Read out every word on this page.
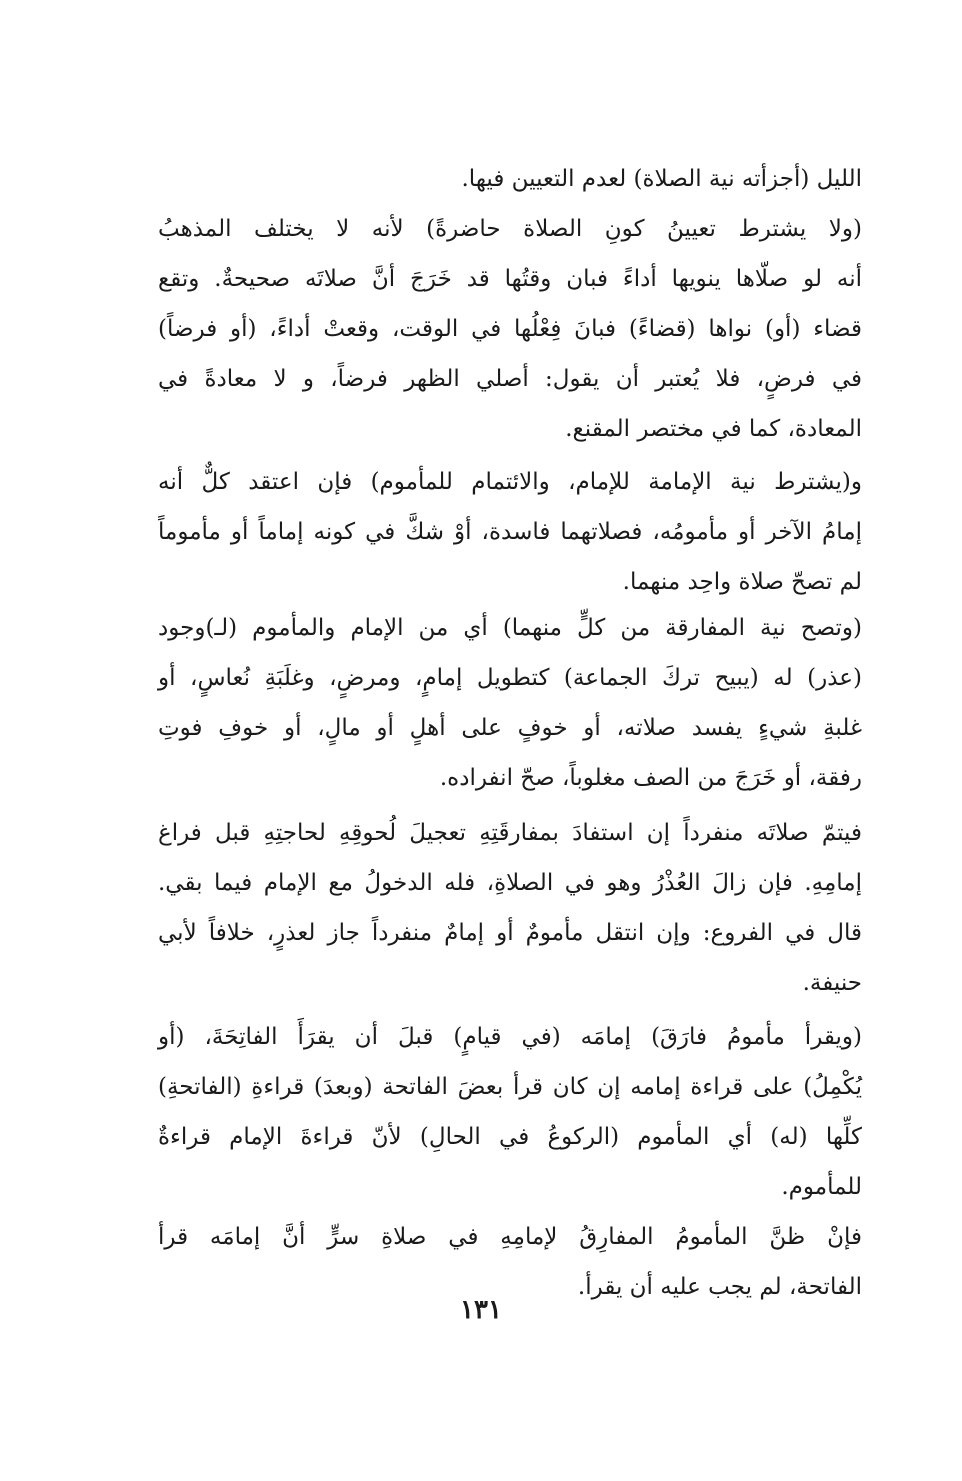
الليل (أجزأته نية الصلاة) لعدم التعيين فيها.
(ولا يشترط تعيينُ كونِ الصلاة حاضرةً) لأنه لا يختلف المذهبُ
أنه لو صلّاها ينويها أداءً فبان وقتُها قد خَرَجَ أنَّ صلاتَه صحيحةٌ. وتقع
قضاء (أو) نواها (قضاءً) فبانَ فِعْلُها في الوقت، وقعتْ أداءً، (أو فرضاً)
في فرضٍ، فلا يُعتبر أن يقول: أصلي الظهر فرضاً، و لا معادةً في
المعادة، كما في مختصر المقنع.
و(يشترط نية الإمامة للإمام، والائتمام للمأموم) فإن اعتقد كلٌّ أنه
إمامُ الآخر أو مأمومُه، فصلاتهما فاسدة، أوْ شكَّ في كونه إماماً أو مأموماً
لم تصحّ صلاة واحِد منهما.
(وتصح نية المفارقة من كلٍّ منهما) أي من الإمام والمأموم (لـ)وجود
(عذر) له (يبيح تركَ الجماعة) كتطويل إمامٍ، ومرضٍ، وغلَبَةِ نُعاسٍ، أو
غلبةِ شيءٍ يفسد صلاته، أو خوفٍ على أهلٍ أو مالٍ، أو خوفِ فوتِ
رفقة، أو خَرَجَ من الصف مغلوباً، صحّ انفراده.
فيتمّ صلاتَه منفرداً إن استفادَ بمفارقَتِهِ تعجيلَ لُحوقِهِ لحاجتِهِ قبل فراغ
إمامِهِ. فإن زالَ العُذْرُ وهو في الصلاةِ، فله الدخولُ مع الإمام فيما بقي.
قال في الفروع: وإن انتقل مأمومٌ أو إمامٌ منفرداً جاز لعذرٍ، خلافاً لأبي
حنيفة.
(ويقرأ مأمومُ فارَقَ) إمامَه (في قيامٍ) قبلَ أن يقرَأَ الفاتِحَةَ، (أو
يُكْمِلُ) على قراءة إمامه إن كان قرأ بعضَ الفاتحة (وبعدَ) قراءةِ (الفاتحةِ)
كلِّها (له) أي المأموم (الركوعُ في الحالِ) لأنّ قراءةَ الإمام قراءةٌ
للمأموم.
فإنْ ظنَّ المأمومُ المفارِقُ لإمامِهِ في صلاةِ سرٍّ أنَّ إمامَه قرأ
الفاتحة، لم يجب عليه أن يقرأ.
١٣١
